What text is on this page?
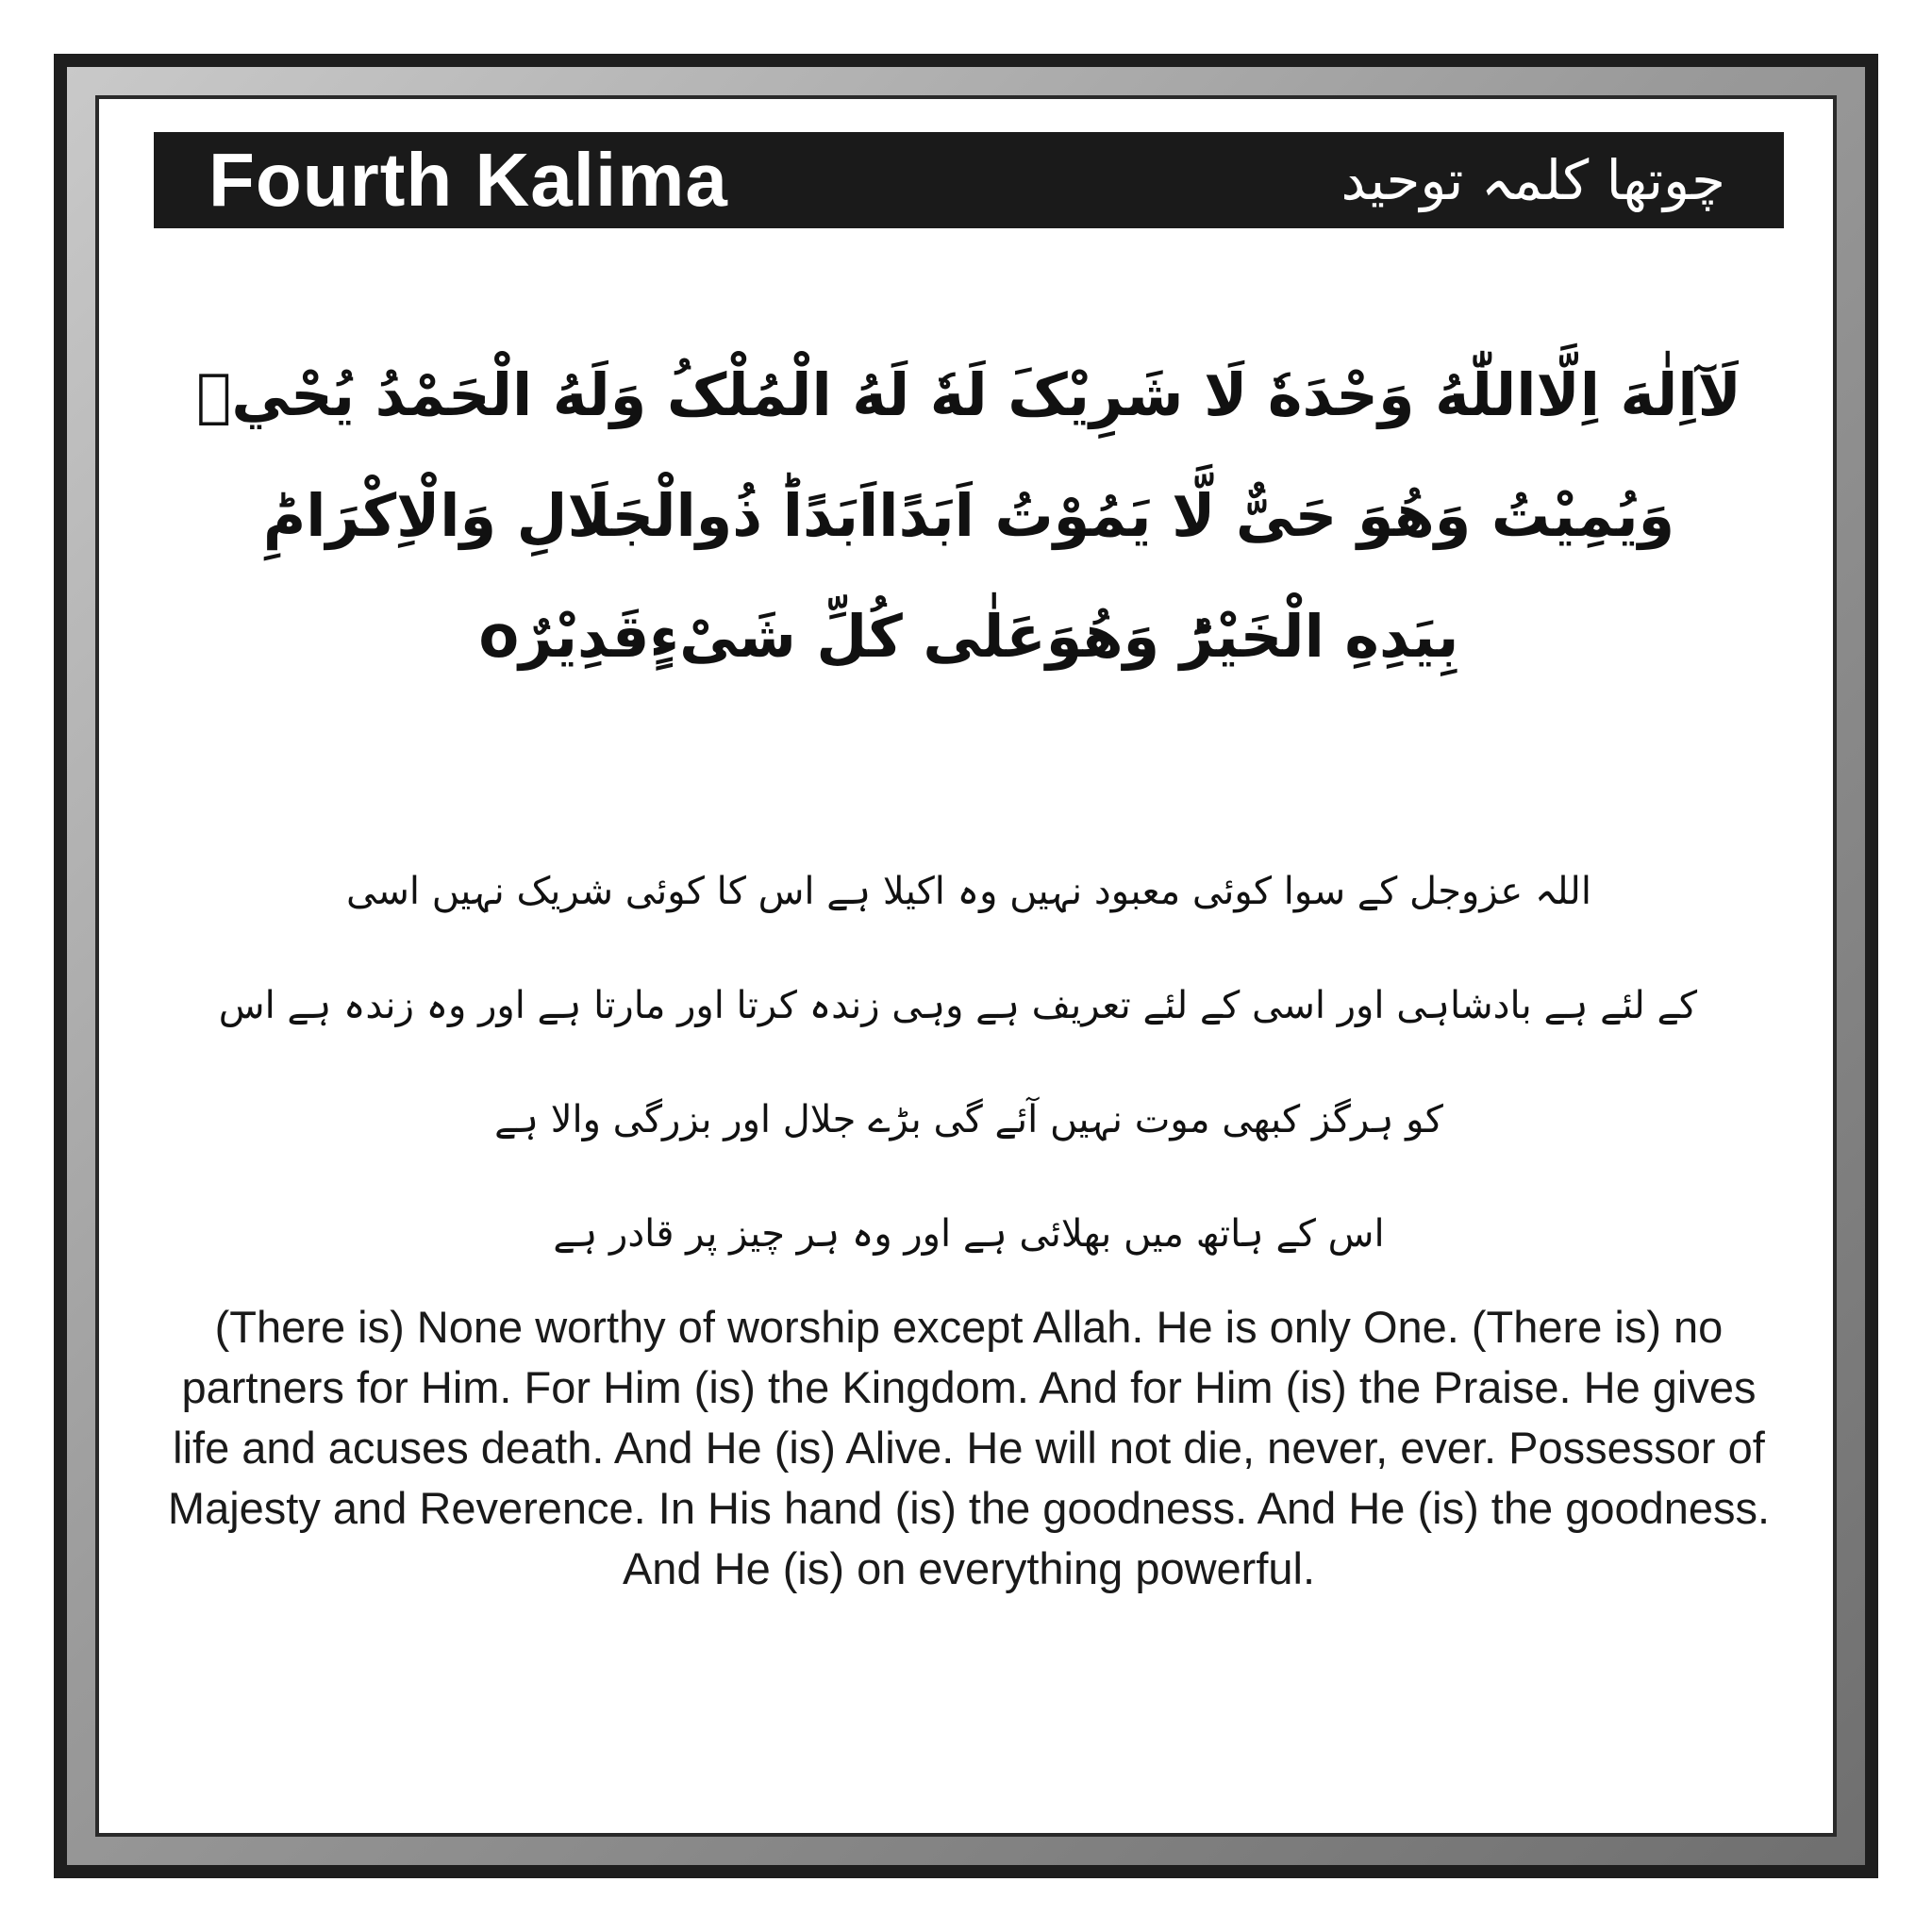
Fourth Kalima	چوتھا کلمہ توحید
لَآاِلٰهَ اِلَّااللّٰهُ وَحْدَهٗ لَا شَرِيْکَ لَهٗ لَهُ الْمُلْکُ وَلَهُ الْحَمْدُ يُحْيٖ
وَيُمِيْتُ وَهُوَ حَیٌّ لَّا يَمُوْتُ اَبَدًااَبَدًاؕ ذُوالْجَلَالِ وَالْاِکْرَامِؕ
بِيَدِهِ الْخَيْرُؕ وَهُوَعَلٰی کُلِّ شَیْءٍقَدِيْرٌo
اللہ عزوجل کے سوا کوئی معبود نہیں وہ اکیلا ہے اس کا کوئی شریک نہیں اسی
کے لئے ہے بادشاہی اور اسی کے لئے تعریف ہے وہی زندہ کرتا اور مارتا ہے اور وہ زندہ ہے اس
کو ہرگز کبھی موت نہیں آئے گی بڑے جلال اور بزرگی والا ہے
اس کے ہاتھ میں بھلائی ہے اور وہ ہر چیز پر قادر ہے
(There is) None worthy of worship except Allah. He is only One. (There is) no partners for Him. For Him (is) the Kingdom. And for Him (is) the Praise. He gives life and acuses death. And He (is) Alive. He will not die, never, ever. Possessor of Majesty and Reverence. In His hand (is) the goodness. And He (is) the goodness. And He (is) on everything powerful.
